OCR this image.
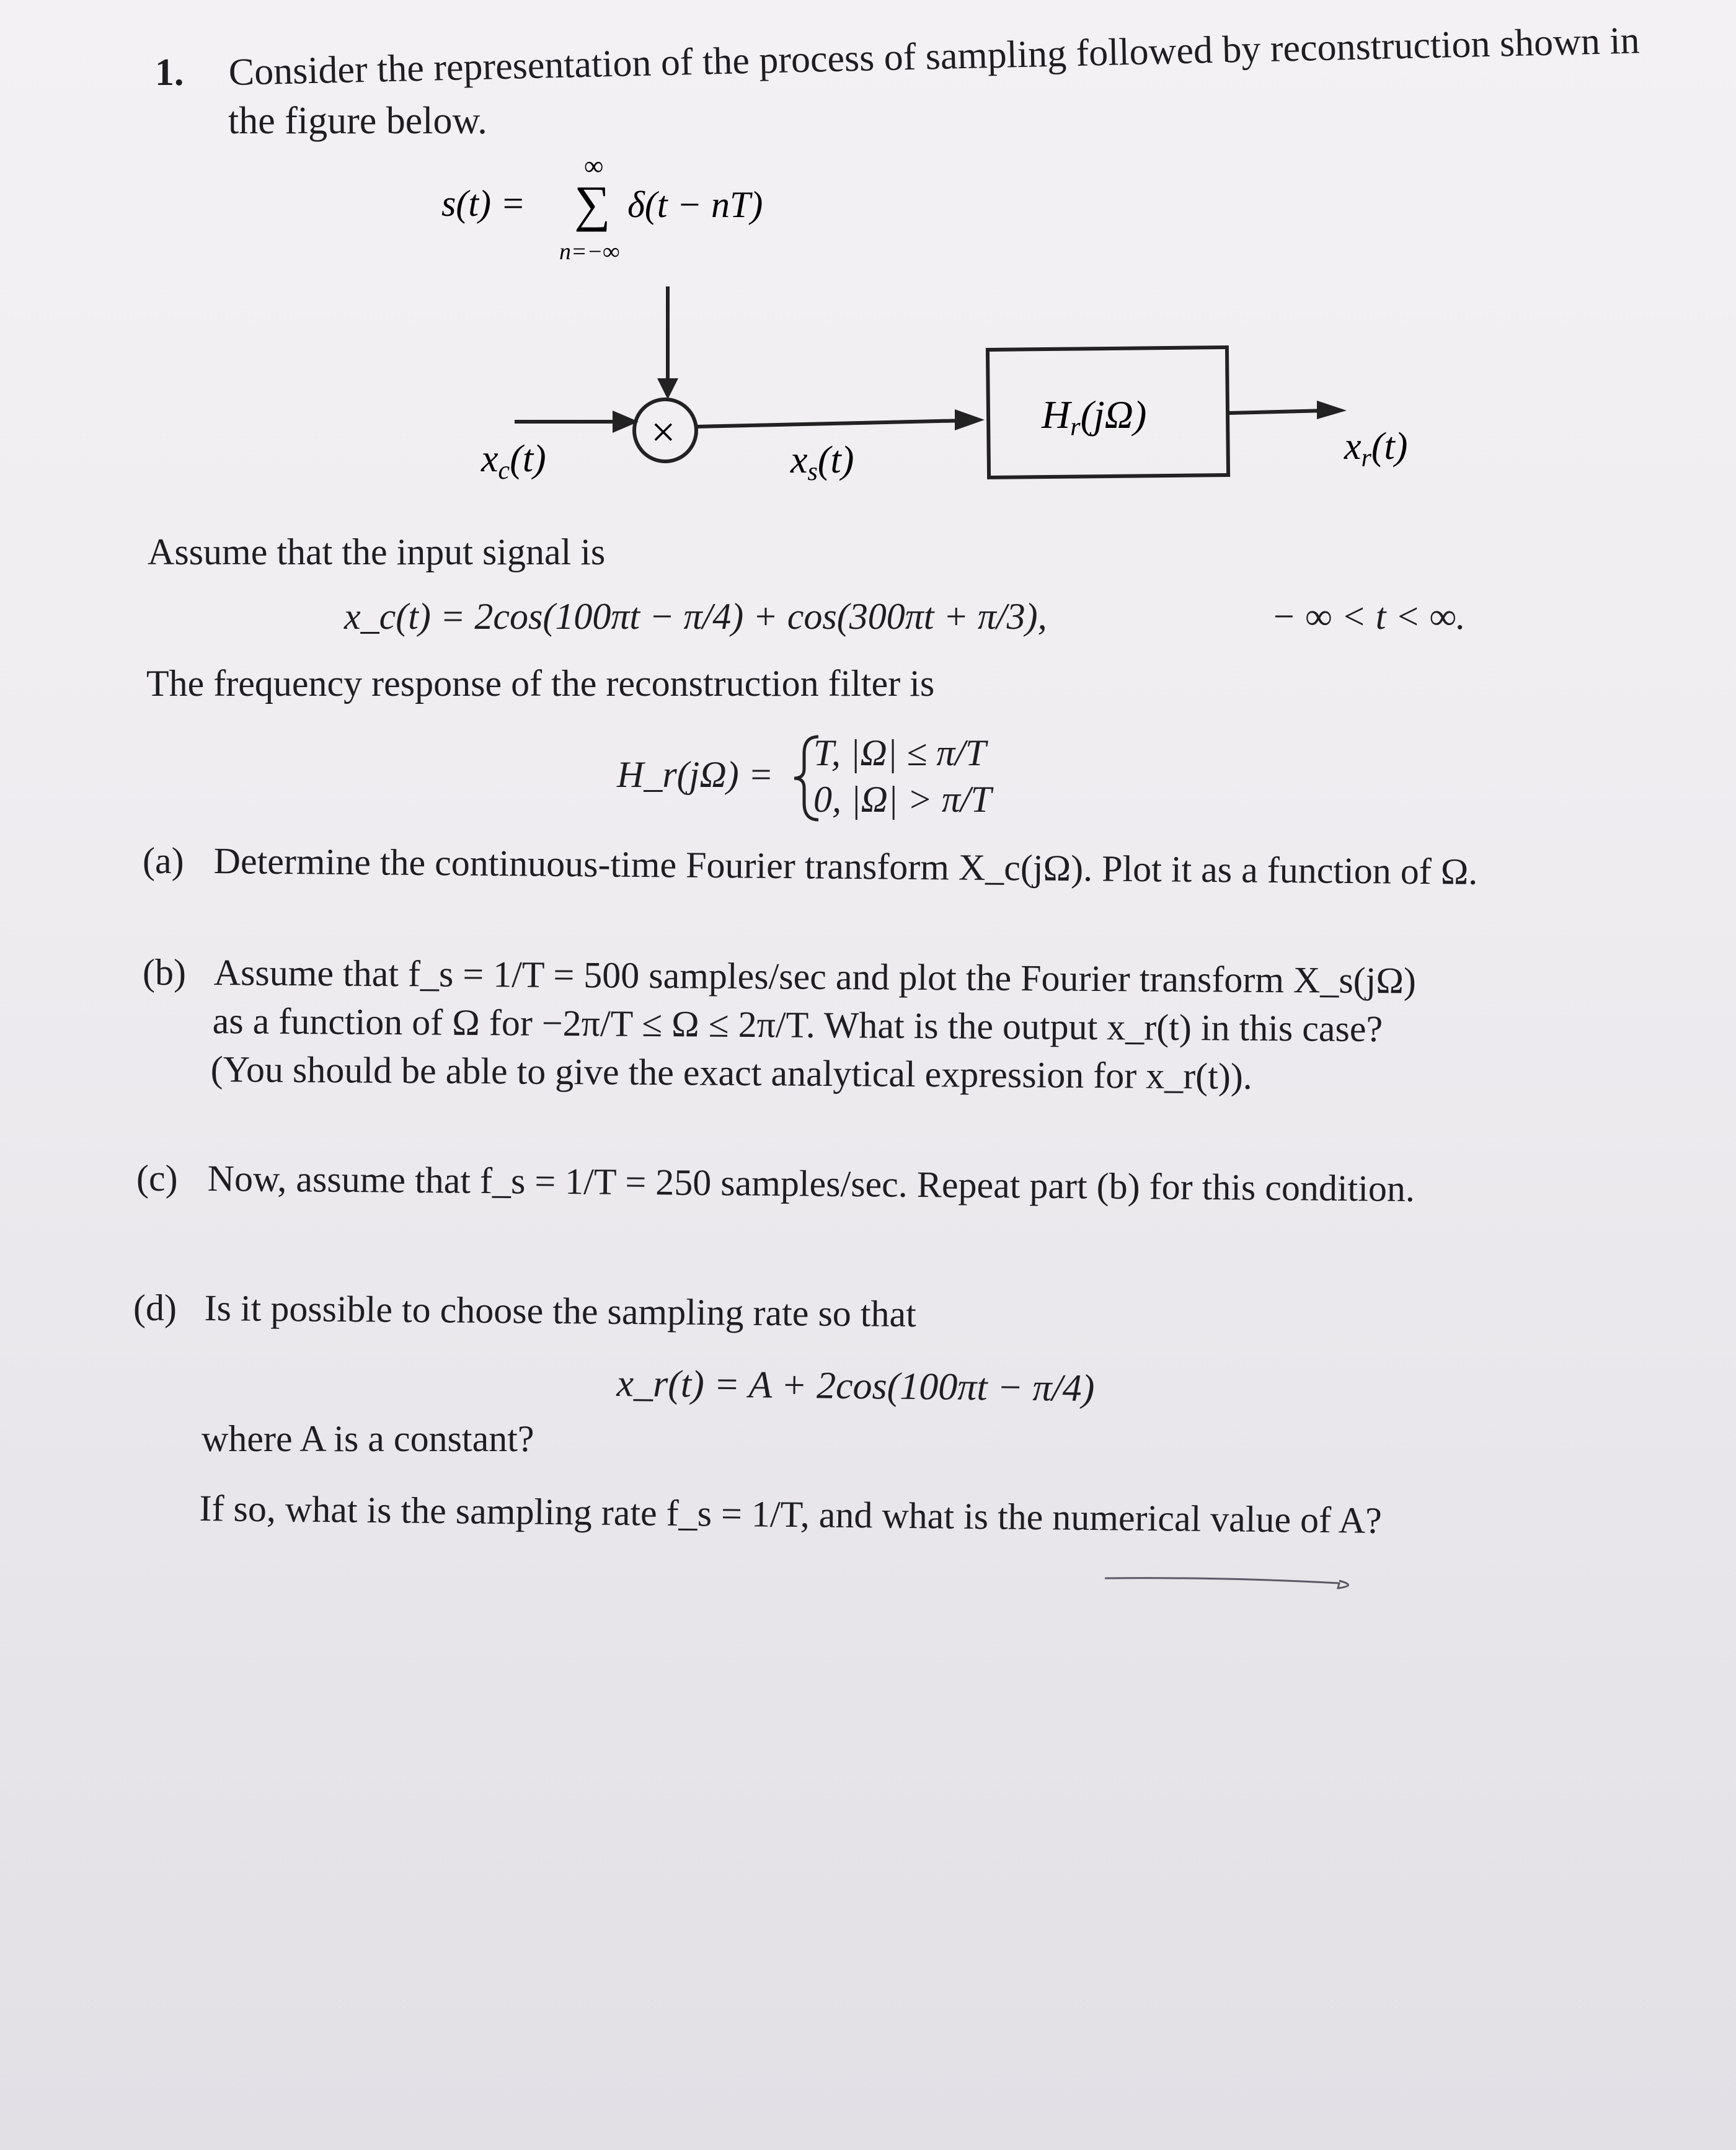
1. Consider the representation of the process of sampling followed by reconstruction shown in
the figure below.
s(t) =
∞
∑
n=−∞
δ(t − nT)
×
xc(t)	xs(t)
Hr(jΩ)
xr(t)
Assume that the input signal is
x_c(t) = 2cos(100πt − π/4) + cos(300πt + π/3),	− ∞ < t < ∞.
The frequency response of the reconstruction filter is
H_r(jΩ) =
T, |Ω| ≤ π/T
0, |Ω| > π/T
(a) Determine the continuous-time Fourier transform X_c(jΩ). Plot it as a function of Ω.
(b) Assume that f_s = 1/T = 500 samples/sec and plot the Fourier transform X_s(jΩ)
as a function of Ω for −2π/T ≤ Ω ≤ 2π/T. What is the output x_r(t) in this case?
(You should be able to give the exact analytical expression for x_r(t)).
(c) Now, assume that f_s = 1/T = 250 samples/sec. Repeat part (b) for this condition.
(d) Is it possible to choose the sampling rate so that
x_r(t) = A + 2cos(100πt − π/4)
where A is a constant?
If so, what is the sampling rate f_s = 1/T, and what is the numerical value of A?
